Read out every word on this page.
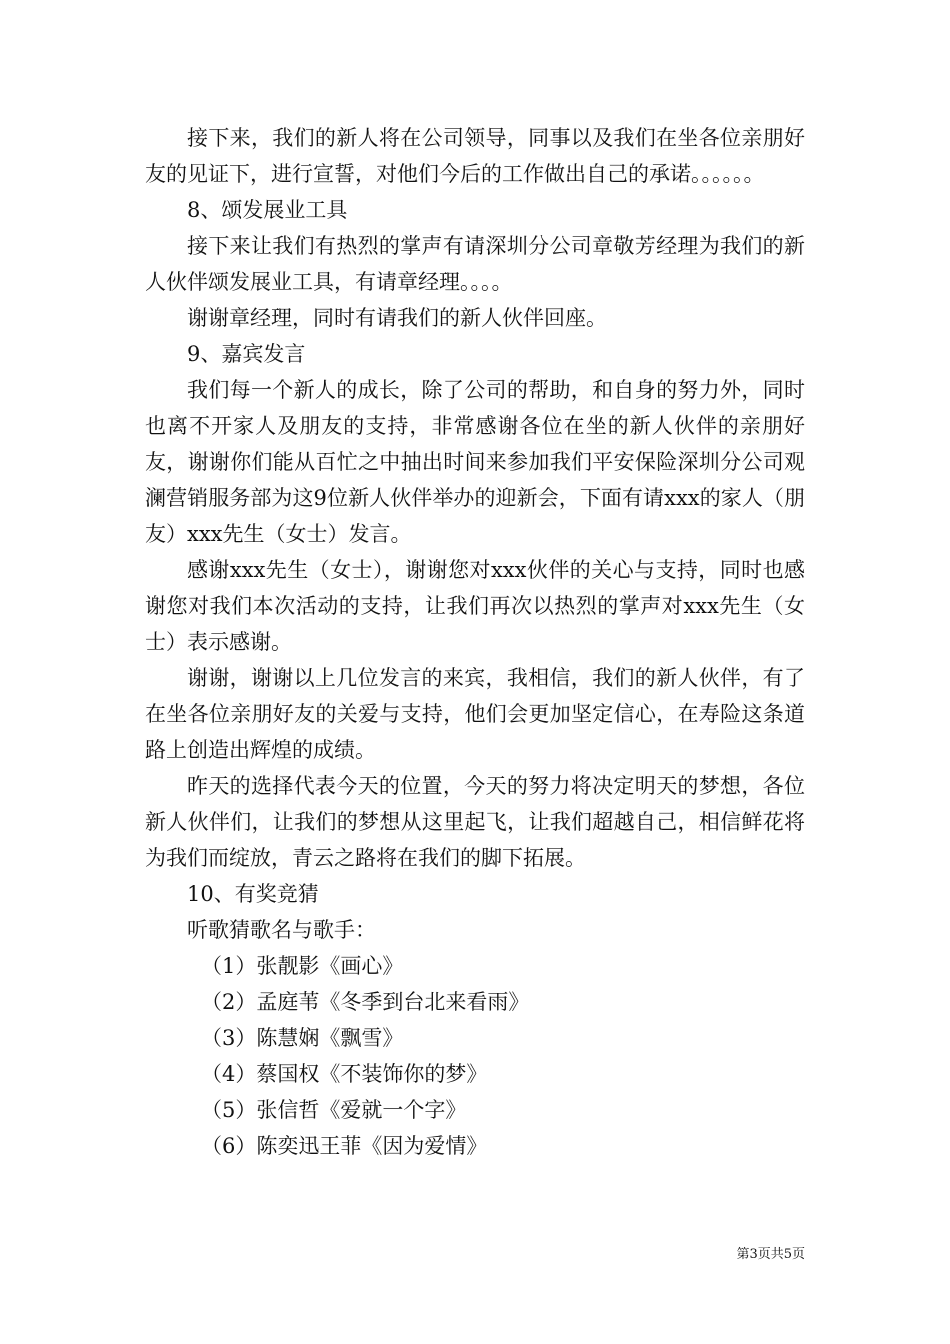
接下来，我们的新人将在公司领导，同事以及我们在坐各位亲朋好友的见证下，进行宣誓，对他们今后的工作做出自己的承诺。。。。。。

8、颂发展业工具

接下来让我们有热烈的掌声有请深圳分公司章敬芳经理为我们的新人伙伴颂发展业工具，有请章经理。。。。

谢谢章经理，同时有请我们的新人伙伴回座。

9、嘉宾发言

我们每一个新人的成长，除了公司的帮助，和自身的努力外，同时也离不开家人及朋友的支持，非常感谢各位在坐的新人伙伴的亲朋好友，谢谢你们能从百忙之中抽出时间来参加我们平安保险深圳分公司观澜营销服务部为这9位新人伙伴举办的迎新会，下面有请xxx的家人（朋友）xxx先生（女士）发言。

感谢xxx先生（女士），谢谢您对xxx伙伴的关心与支持，同时也感谢您对我们本次活动的支持，让我们再次以热烈的掌声对xxx先生（女士）表示感谢。

谢谢，谢谢以上几位发言的来宾，我相信，我们的新人伙伴，有了在坐各位亲朋好友的关爱与支持，他们会更加坚定信心，在寿险这条道路上创造出辉煌的成绩。

昨天的选择代表今天的位置，今天的努力将决定明天的梦想，各位新人伙伴们，让我们的梦想从这里起飞，让我们超越自己，相信鲜花将为我们而绽放，青云之路将在我们的脚下拓展。

10、有奖竞猜

听歌猜歌名与歌手：

（1）张靓影《画心》

（2）孟庭苇《冬季到台北来看雨》

（3）陈慧娴《飘雪》

（4）蔡国权《不装饰你的梦》

（5）张信哲《爱就一个字》

（6）陈奕迅王菲《因为爱情》

第3页共5页
